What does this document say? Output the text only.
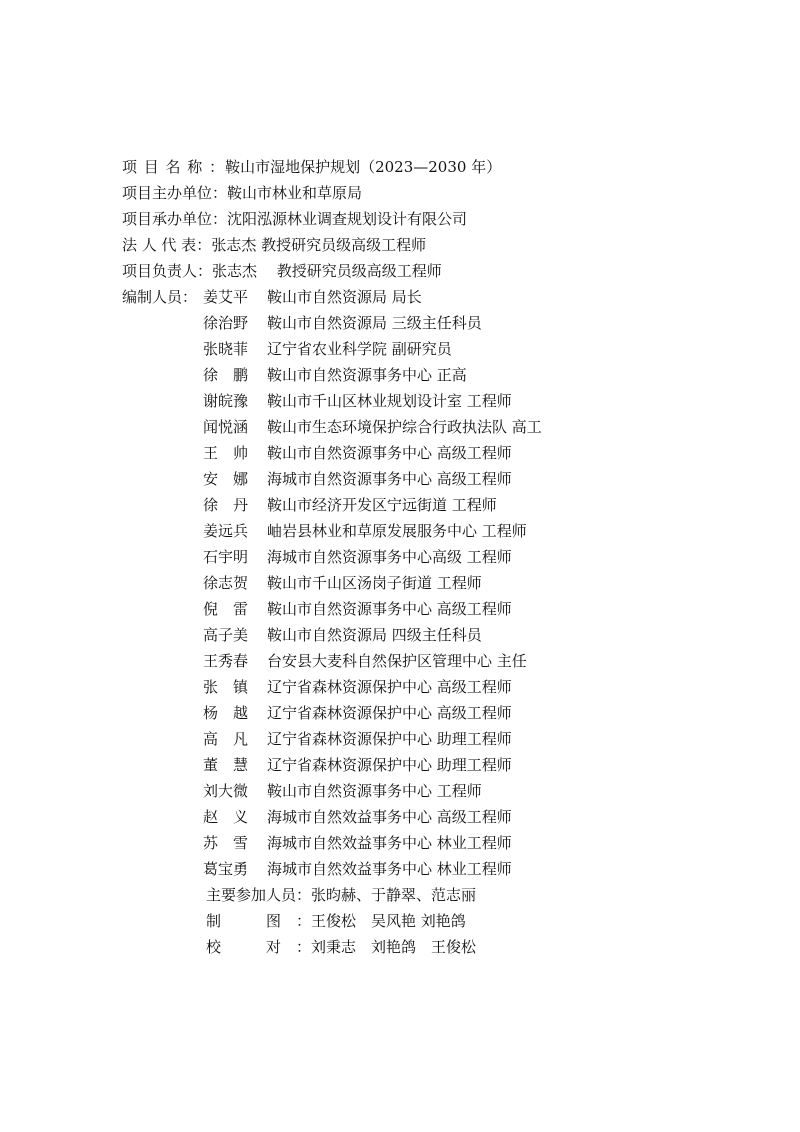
项 目 名 称 ： 鞍山市湿地保护规划（2023—2030 年）
项目主办单位： 鞍山市林业和草原局
项目承办单位： 沈阳泓源林业调查规划设计有限公司
法 人 代 表： 张志杰 教授研究员级高级工程师
项目负责人： 张志杰　 教授研究员级高级工程师
编制人员： 姜艾平	鞍山市自然资源局 局长
徐治野	鞍山市自然资源局 三级主任科员
张晓菲	辽宁省农业科学院 副研究员
徐　鹏	鞍山市自然资源事务中心 正高
谢皖豫	鞍山市千山区林业规划设计室 工程师
闻悦涵	鞍山市生态环境保护综合行政执法队 高工
王　帅	鞍山市自然资源事务中心 高级工程师
安　娜	海城市自然资源事务中心 高级工程师
徐　丹	鞍山市经济开发区宁远街道 工程师
姜远兵	岫岩县林业和草原发展服务中心 工程师
石宇明	海城市自然资源事务中心高级 工程师
徐志贺	鞍山市千山区汤岗子街道 工程师
倪　雷	鞍山市自然资源事务中心 高级工程师
高子美	鞍山市自然资源局 四级主任科员
王秀春	台安县大麦科自然保护区管理中心 主任
张　镇	辽宁省森林资源保护中心 高级工程师
杨　越	辽宁省森林资源保护中心 高级工程师
高　凡	辽宁省森林资源保护中心 助理工程师
董　慧	辽宁省森林资源保护中心 助理工程师
刘大微	鞍山市自然资源事务中心 工程师
赵　义	海城市自然效益事务中心 高级工程师
苏　雪	海城市自然效益事务中心 林业工程师
葛宝勇	海城市自然效益事务中心 林业工程师
主要参加人员： 张昀赫、于静翠、范志丽
制　　　图　： 王俊松　吴风艳 刘艳鸽
校　　　对　： 刘秉志　刘艳鸽　王俊松
